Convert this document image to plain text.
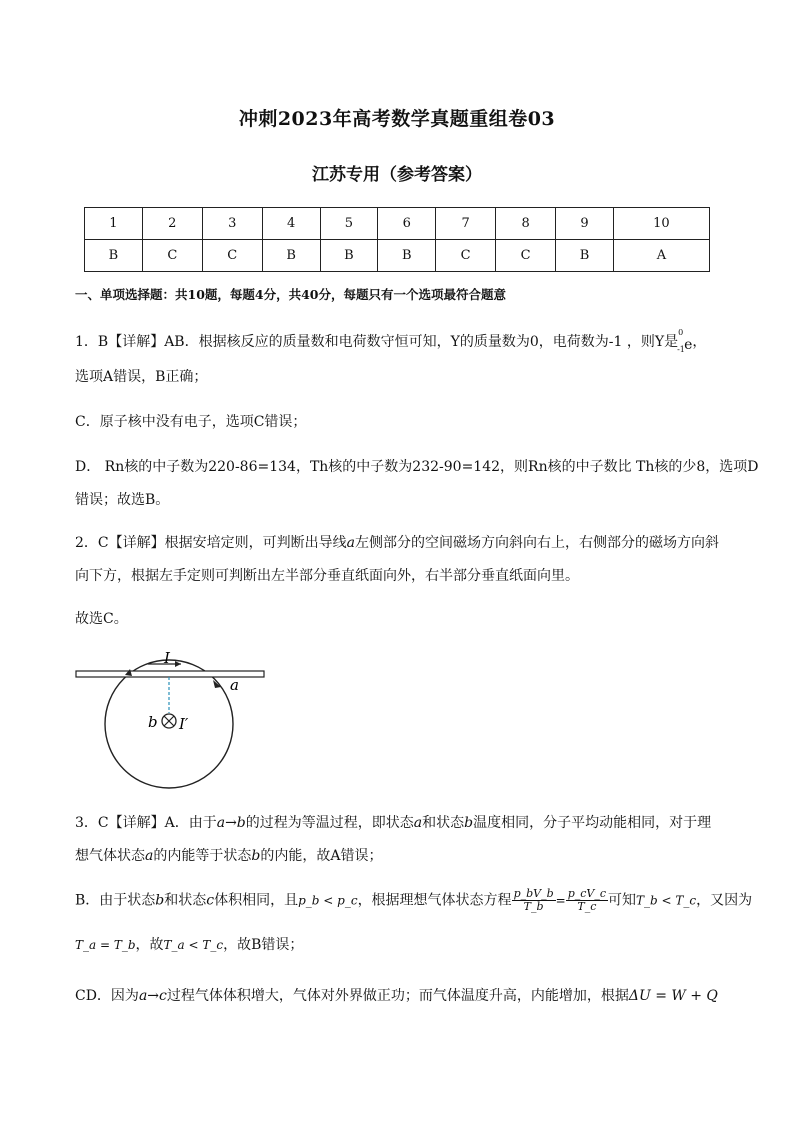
冲刺2023年高考数学真题重组卷03
江苏专用（参考答案）
1	2	3	4	5	6	7	8	9	10
B	C	C	B	B	B	C	C	B	A
一、单项选择题：共10题，每题4分，共40分，每题只有一个选项最符合题意
1．B【详解】AB．根据核反应的质量数和电荷数守恒可知，Y的质量数为0，电荷数为-1 ，则Y是
0
-1 e，
选项A错误，B正确；
C．原子核中没有电子，选项C错误；
D． Rn核的中子数为220-86=134，Th核的中子数为232-90=142，则Rn核的中子数比 Th核的少8，选项D
错误；故选B。
2．C【详解】根据安培定则，可判断出导线a左侧部分的空间磁场方向斜向右上，右侧部分的磁场方向斜
向下方，根据左手定则可判断出左半部分垂直纸面向外，右半部分垂直纸面向里。
故选C。
I
a
b I′
3．C【详解】A．由于a→b的过程为等温过程，即状态a和状态b温度相同，分子平均动能相同，对于理
想气体状态a的内能等于状态b的内能，故A错误；
B．由于状态b和状态c体积相同，且p_b < p_c，根据理想气体状态方程 $\frac{p\_bV\_b}{T\_b} = \frac{p\_cV\_c}{T\_c}$ 可知T_b < T_c，又因为
T_a = T_b，故T_a < T_c，故B错误；
CD．因为a→c过程气体体积增大，气体对外界做正功；而气体温度升高，内能增加，根据ΔU = W + Q
